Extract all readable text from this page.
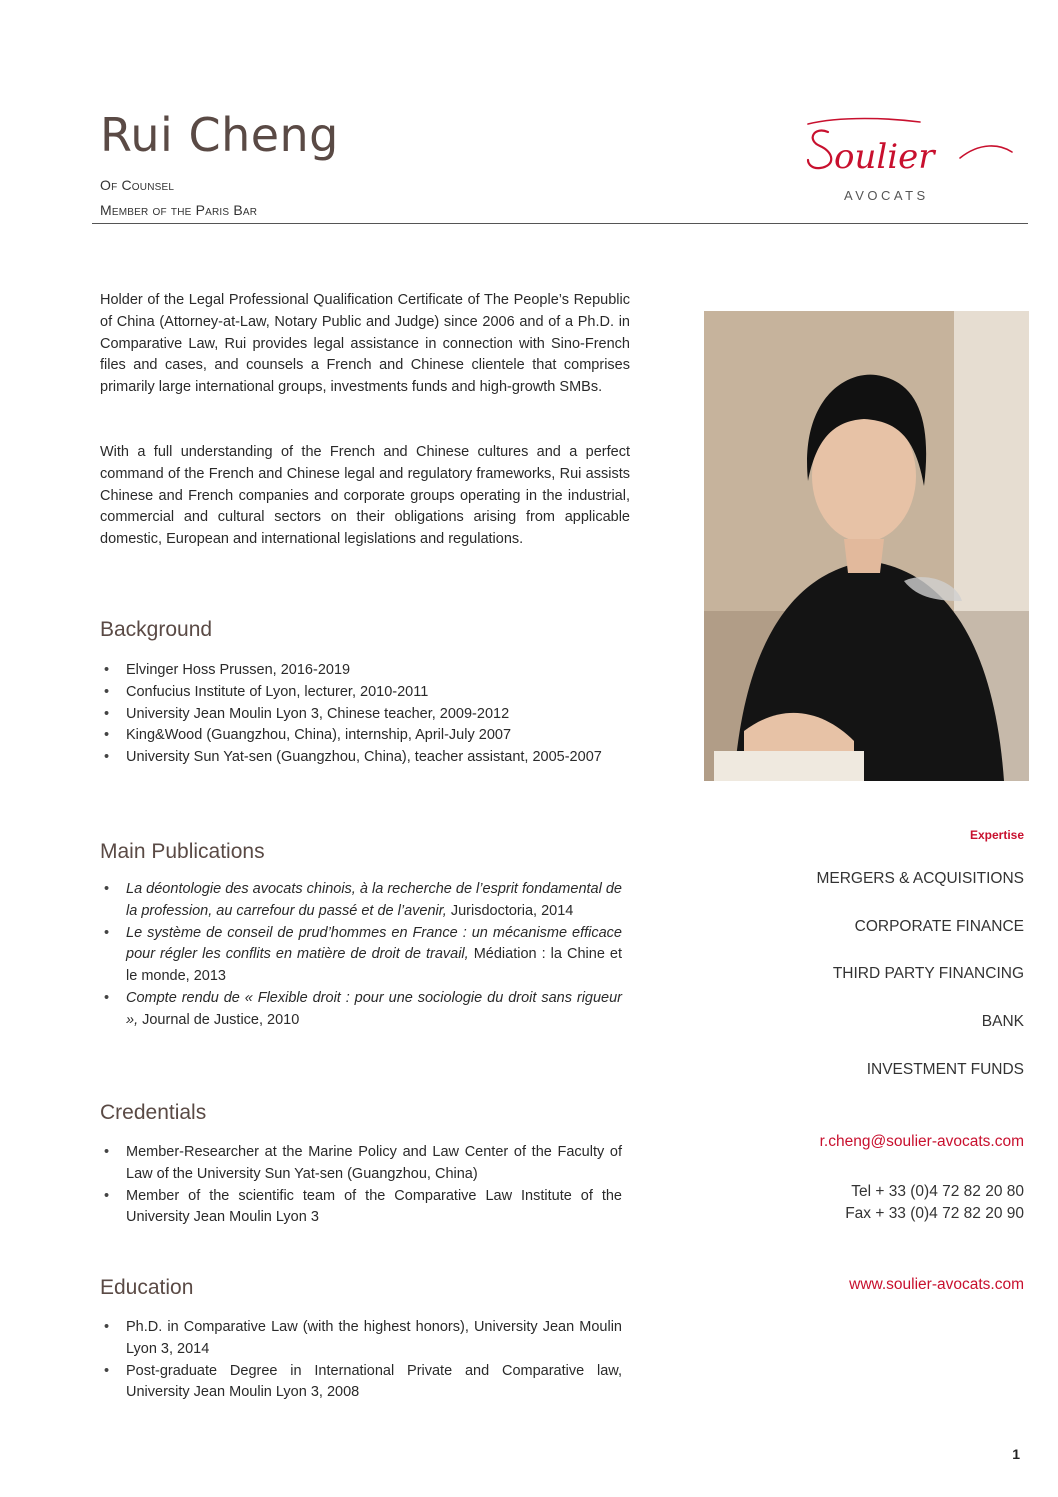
Rui Cheng
Of Counsel
Member of the Paris Bar
oulier
AVOCATS

Holder of the Legal Professional Qualification Certificate of The People’s Republic of China (Attorney-at-Law, Notary Public and Judge) since 2006 and of a Ph.D. in Comparative Law, Rui provides legal assistance in connection with Sino-French files and cases, and counsels a French and Chinese clientele that comprises primarily large international groups, investments funds and high-growth SMBs.

With a full understanding of the French and Chinese cultures and a perfect command of the French and Chinese legal and regulatory frameworks, Rui assists Chinese and French companies and corporate groups operating in the industrial, commercial and cultural sectors on their obligations arising from applicable domestic, European and international legislations and regulations.

Background
• Elvinger Hoss Prussen, 2016-2019
• Confucius Institute of Lyon, lecturer, 2010-2011
• University Jean Moulin Lyon 3, Chinese teacher, 2009-2012
• King&Wood (Guangzhou, China), internship, April-July 2007
• University Sun Yat-sen (Guangzhou, China), teacher assistant, 2005-2007
Main Publications
• La déontologie des avocats chinois, à la recherche de l’esprit fondamental de la profession, au carrefour du passé et de l’avenir, Jurisdoctoria, 2014
• Le système de conseil de prud’hommes en France : un mécanisme efficace pour régler les conflits en matière de droit de travail, Médiation : la Chine et le monde, 2013
• Compte rendu de « Flexible droit : pour une sociologie du droit sans rigueur », Journal de Justice, 2010
Credentials
• Member-Researcher at the Marine Policy and Law Center of the Faculty of Law of the University Sun Yat-sen (Guangzhou, China)
• Member of the scientific team of the Comparative Law Institute of the University Jean Moulin Lyon 3
Education
• Ph.D. in Comparative Law (with the highest honors), University Jean Moulin Lyon 3, 2014
• Post-graduate Degree in International Private and Comparative law, University Jean Moulin Lyon 3, 2008
Expertise
MERGERS & ACQUISITIONS
CORPORATE FINANCE
THIRD PARTY FINANCING
BANK
INVESTMENT FUNDS
r.cheng@soulier-avocats.com
Tel + 33 (0)4 72 82 20 80
Fax + 33 (0)4 72 82 20 90
www.soulier-avocats.com
1
